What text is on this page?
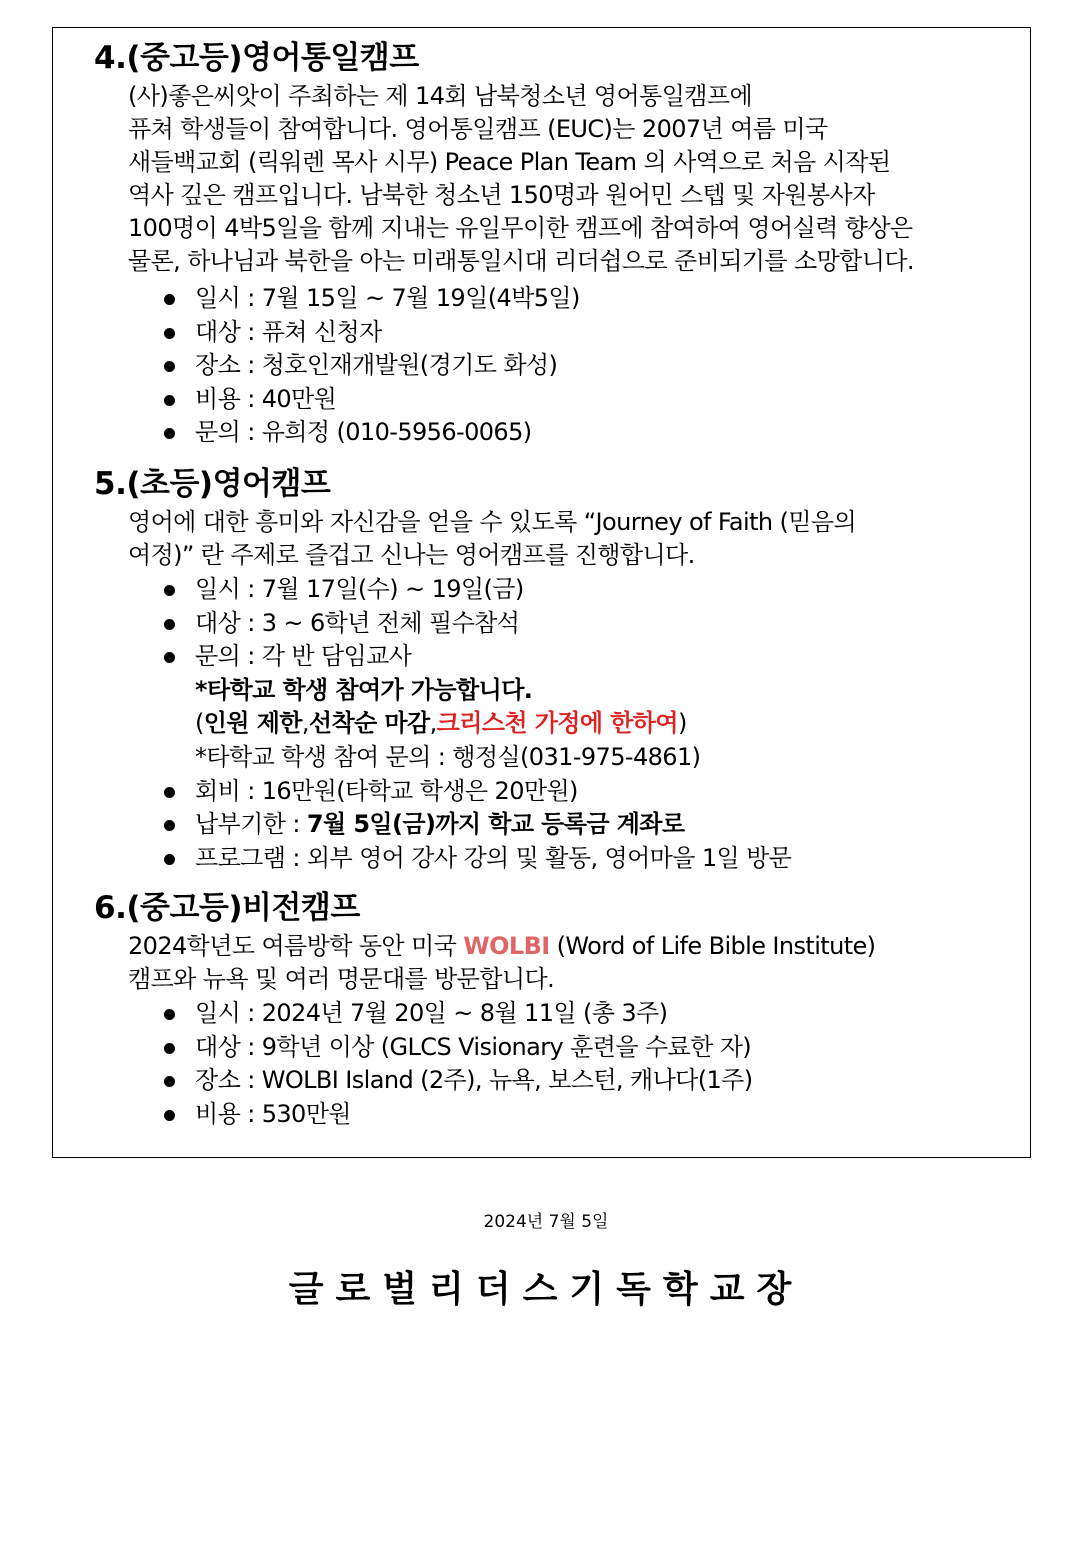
4.(중고등)영어통일캠프
(사)좋은씨앗이 주최하는 제 14회 남북청소년 영어통일캠프에
퓨쳐 학생들이 참여합니다. 영어통일캠프 (EUC)는 2007년 여름 미국
새들백교회 (릭워렌 목사 시무) Peace Plan Team 의 사역으로 처음 시작된
역사 깊은 캠프입니다. 남북한 청소년 150명과 원어민 스텝 및 자원봉사자
100명이 4박5일을 함께 지내는 유일무이한 캠프에 참여하여 영어실력 향상은
물론, 하나님과 북한을 아는 미래통일시대 리더쉽으로 준비되기를 소망합니다.
일시 : 7월 15일 ~ 7월 19일(4박5일)
대상 : 퓨쳐 신청자
장소 : 청호인재개발원(경기도 화성)
비용 : 40만원
문의 : 유희정 (010-5956-0065)
5.(초등)영어캠프
영어에 대한 흥미와 자신감을 얻을 수 있도록 “Journey of Faith (믿음의
여정)” 란 주제로 즐겁고 신나는 영어캠프를 진행합니다.
일시 : 7월 17일(수) ~ 19일(금)
대상 : 3 ~ 6학년 전체 필수참석
문의 : 각 반 담임교사
*타학교 학생 참여가 가능합니다.
(인원 제한,선착순 마감,크리스천 가정에 한하여)
*타학교 학생 참여 문의 : 행정실(031-975-4861)
회비 : 16만원(타학교 학생은 20만원)
납부기한 : 7월 5일(금)까지 학교 등록금 계좌로
프로그램 : 외부 영어 강사 강의 및 활동, 영어마을 1일 방문
6.(중고등)비전캠프
2024학년도 여름방학 동안 미국 WOLBI (Word of Life Bible Institute)
캠프와 뉴욕 및 여러 명문대를 방문합니다.
일시 : 2024년 7월 20일 ~ 8월 11일 (총 3주)
대상 : 9학년 이상 (GLCS Visionary 훈련을 수료한 자)
장소 : WOLBI Island (2주), 뉴욕, 보스턴, 캐나다(1주)
비용 : 530만원
2024년 7월 5일
글로벌리더스기독학교장
